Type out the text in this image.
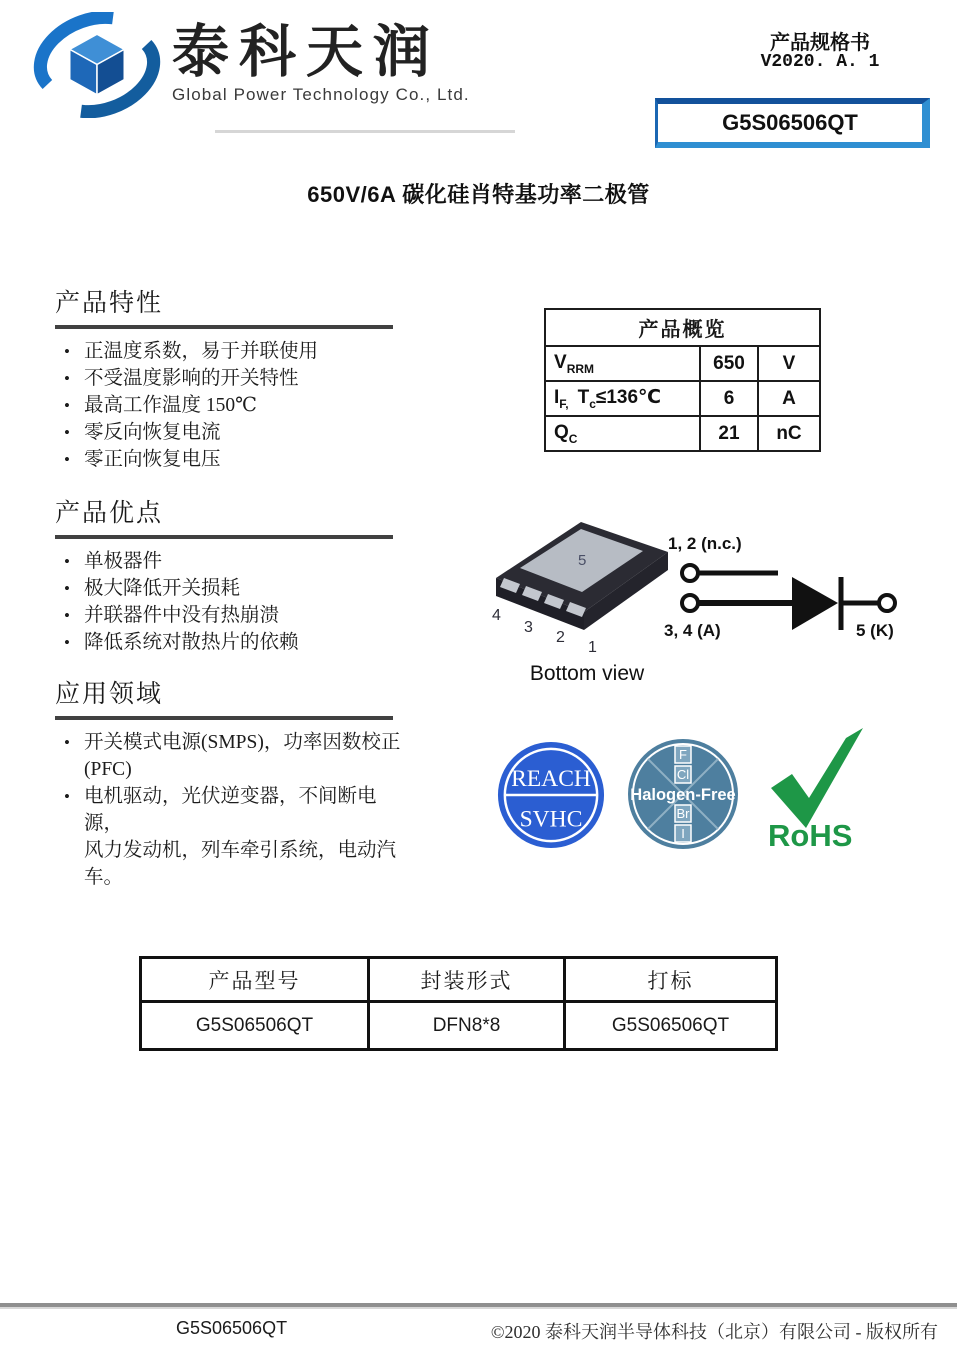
泰科天润
Global Power Technology Co., Ltd.
产品规格书
V2020. A. 1
G5S06506QT
650V/6A 碳化硅肖特基功率二极管
产品特性
• 正温度系数，易于并联使用
• 不受温度影响的开关特性
• 最高工作温度 150℃
• 零反向恢复电流
• 零正向恢复电压
产品概览		
$V_{RRM}$	650	V
$I_{F,}$ $T_c\le 136℃$	6	A
$Q_C$	21	nC
产品优点
• 单极器件
• 极大降低开关损耗
• 并联器件中没有热崩溃
• 降低系统对散热片的依赖
5
4
3
2
1
1, 2 (n.c.)
3, 4 (A)	5 (K)
Bottom view
应用领域
• 开关模式电源(SMPS)，功率因数校正(PFC)
• 电机驱动，光伏逆变器，不间断电源，
风力发动机，列车牵引系统，电动汽车。
REACH
SVHC
F
Cl
Br
I
Halogen-Free
RoHS
产品型号	封装形式	打标
G5S06506QT	DFN8*8	G5S06506QT
G5S06506QT	©2020 泰科天润半导体科技（北京）有限公司 - 版权所有
